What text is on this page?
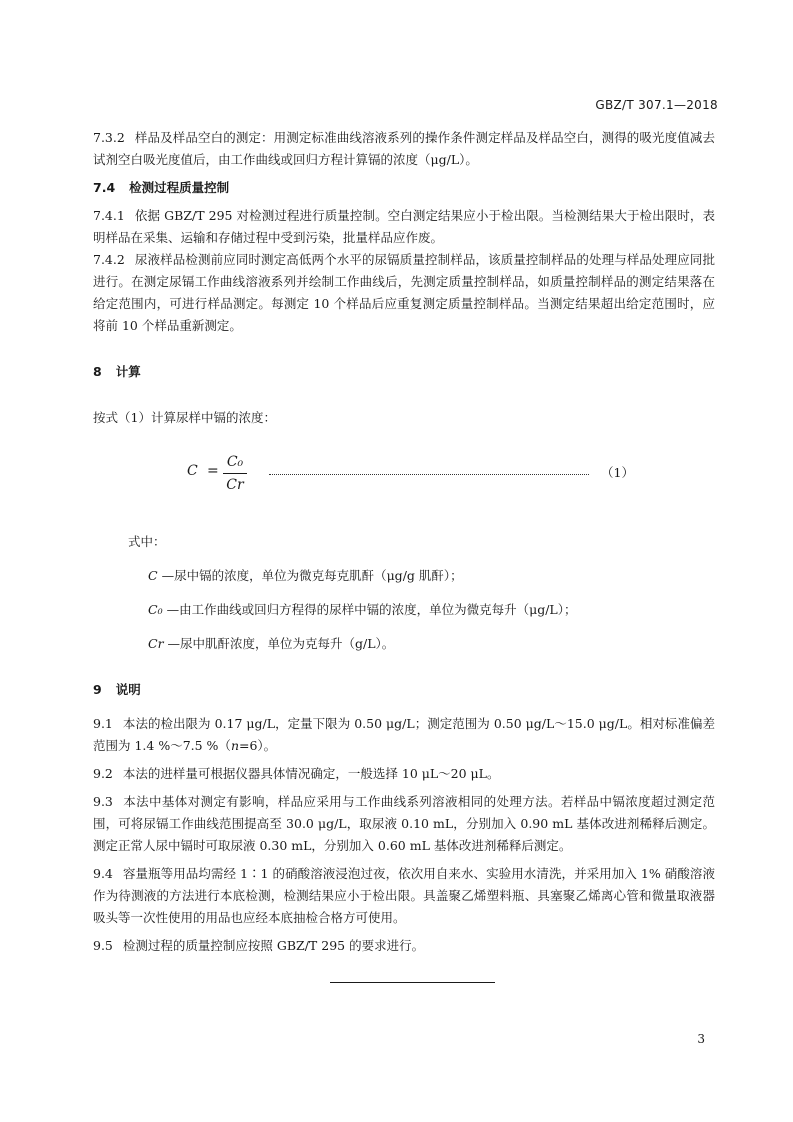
GBZ/T 307.1—2018

7.3.2 样品及样品空白的测定：用测定标准曲线溶液系列的操作条件测定样品及样品空白，测得的吸光度值减去试剂空白吸光度值后，由工作曲线或回归方程计算镉的浓度（μg/L）。

7.4 检测过程质量控制

7.4.1 依据 GBZ/T 295 对检测过程进行质量控制。空白测定结果应小于检出限。当检测结果大于检出限时，表明样品在采集、运输和存储过程中受到污染，批量样品应作废。

7.4.2 尿液样品检测前应同时测定高低两个水平的尿镉质量控制样品，该质量控制样品的处理与样品处理应同批进行。在测定尿镉工作曲线溶液系列并绘制工作曲线后，先测定质量控制样品，如质量控制样品的测定结果落在给定范围内，可进行样品测定。每测定 10 个样品后应重复测定质量控制样品。当测定结果超出给定范围时，应将前 10 个样品重新测定。

8 计算

按式（1）计算尿样中镉的浓度：

C =
C₀
Cr
（1）

式中：

C —尿中镉的浓度，单位为微克每克肌酐（μg/g 肌酐）；

C₀ —由工作曲线或回归方程得的尿样中镉的浓度，单位为微克每升（μg/L）；

Cr —尿中肌酐浓度，单位为克每升（g/L）。

9 说明

9.1 本法的检出限为 0.17 μg/L，定量下限为 0.50 μg/L；测定范围为 0.50 μg/L～15.0 μg/L。相对标准偏差范围为 1.4 %～7.5 %（n=6）。

9.2 本法的进样量可根据仪器具体情况确定，一般选择 10 μL～20 μL。

9.3 本法中基体对测定有影响，样品应采用与工作曲线系列溶液相同的处理方法。若样品中镉浓度超过测定范围，可将尿镉工作曲线范围提高至 30.0 μg/L，取尿液 0.10 mL，分别加入 0.90 mL 基体改进剂稀释后测定。测定正常人尿中镉时可取尿液 0.30 mL，分别加入 0.60 mL 基体改进剂稀释后测定。

9.4 容量瓶等用品均需经 1∶1 的硝酸溶液浸泡过夜，依次用自来水、实验用水清洗，并采用加入 1% 硝酸溶液作为待测液的方法进行本底检测，检测结果应小于检出限。具盖聚乙烯塑料瓶、具塞聚乙烯离心管和微量取液器吸头等一次性使用的用品也应经本底抽检合格方可使用。

9.5 检测过程的质量控制应按照 GBZ/T 295 的要求进行。

3
